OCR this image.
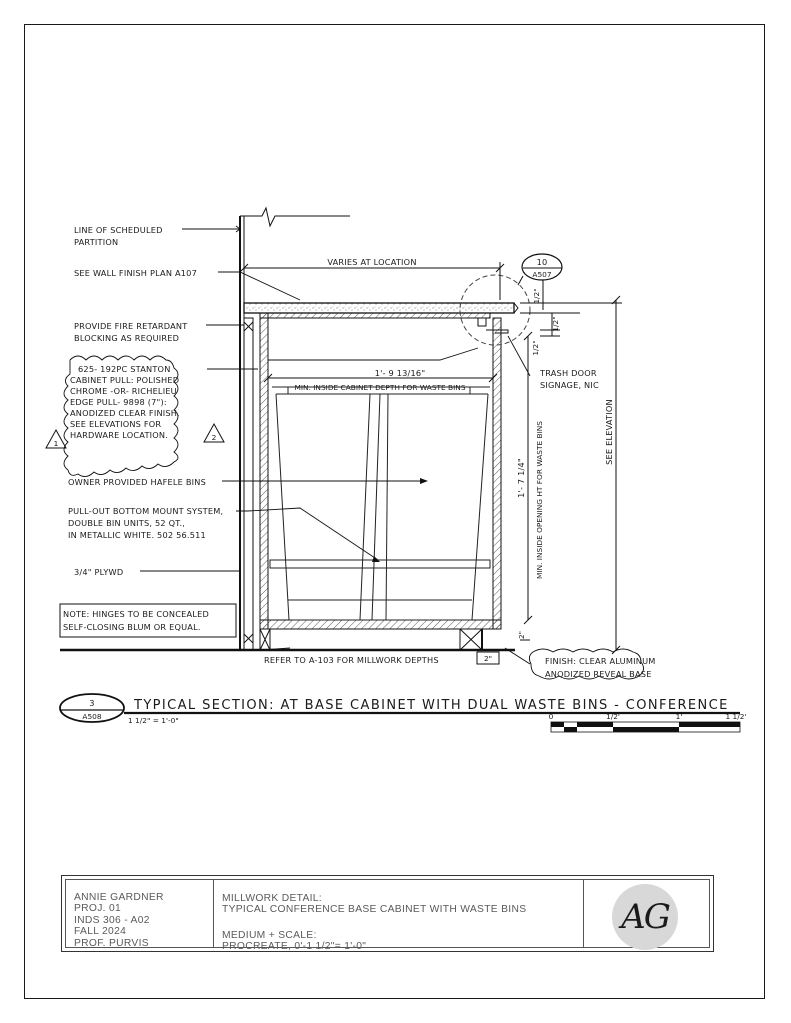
10
A507
VARIES AT LOCATION
1'- 9 13/16"
MIN. INSIDE CABINET DEPTH FOR WASTE BINS
1'- 7 1/4" MIN. INSIDE OPENING HT FOR WASTE BINS	SEE ELEVATION
1/2"
1/2"
1/2"
2"
2"
LINE OF SCHEDULED
PARTITION
SEE WALL FINISH PLAN A107
PROVIDE FIRE RETARDANT
BLOCKING AS REQUIRED
625- 192PC STANTON
CABINET PULL: POLISHED
CHROME -OR- RICHELIEU
EDGE PULL- 9898 (7"):
ANODIZED CLEAR FINISH.
SEE ELEVATIONS FOR
HARDWARE LOCATION.
1
2
OWNER PROVIDED HAFELE BINS
PULL-OUT BOTTOM MOUNT SYSTEM,
DOUBLE BIN UNITS, 52 QT.,
IN METALLIC WHITE. 502 56.511
3/4" PLYWD
NOTE: HINGES TO BE CONCEALED
SELF-CLOSING BLUM OR EQUAL.
TRASH DOOR
SIGNAGE, NIC
REFER TO A-103 FOR MILLWORK DEPTHS	FINISH: CLEAR ALUMINUM
ANODIZED REVEAL BASE
3
A508
TYPICAL SECTION: AT BASE CABINET WITH DUAL WASTE BINS - CONFERENCE
1 1/2" = 1'-0"	0	1/2'	1'	1 1/2'
ANNIE GARDNER
PROJ. 01
INDS 306 - A02
FALL 2024
PROF. PURVIS
MILLWORK DETAIL:
TYPICAL CONFERENCE BASE CABINET WITH WASTE BINS
MEDIUM + SCALE:
PROCREATE, 0'-1 1/2"= 1'-0"
AG
